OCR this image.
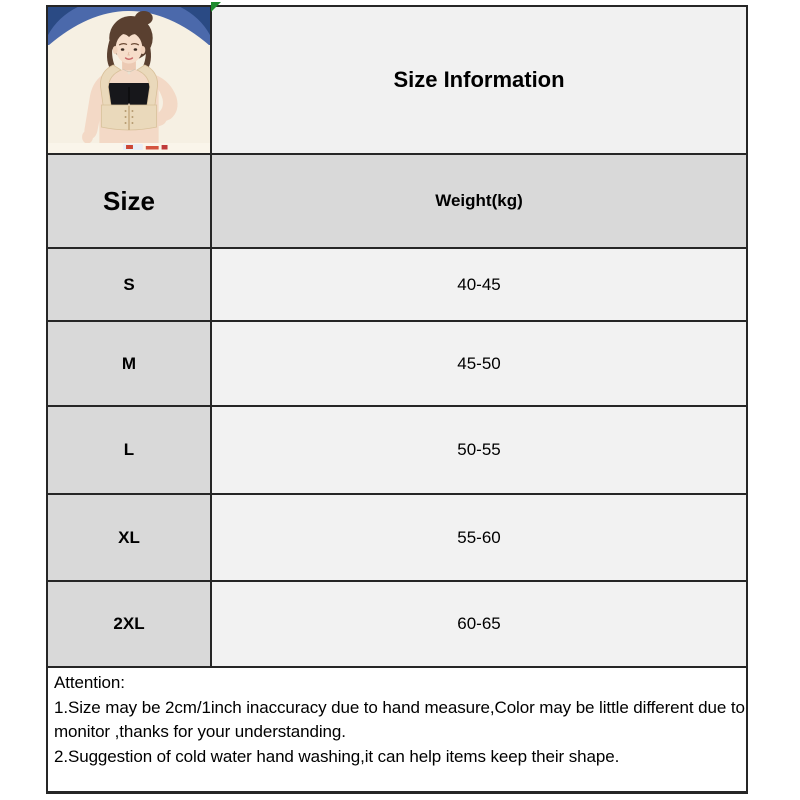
Size Information
Size	Weight(kg)
S	40-45
M	45-50
L	50-55
XL	55-60
2XL	60-65
Attention:
1.Size may be 2cm/1inch inaccuracy due to hand measure,Color may be little different due to
monitor ,thanks for your understanding.
2.Suggestion of cold water hand washing,it can help items keep their shape.
